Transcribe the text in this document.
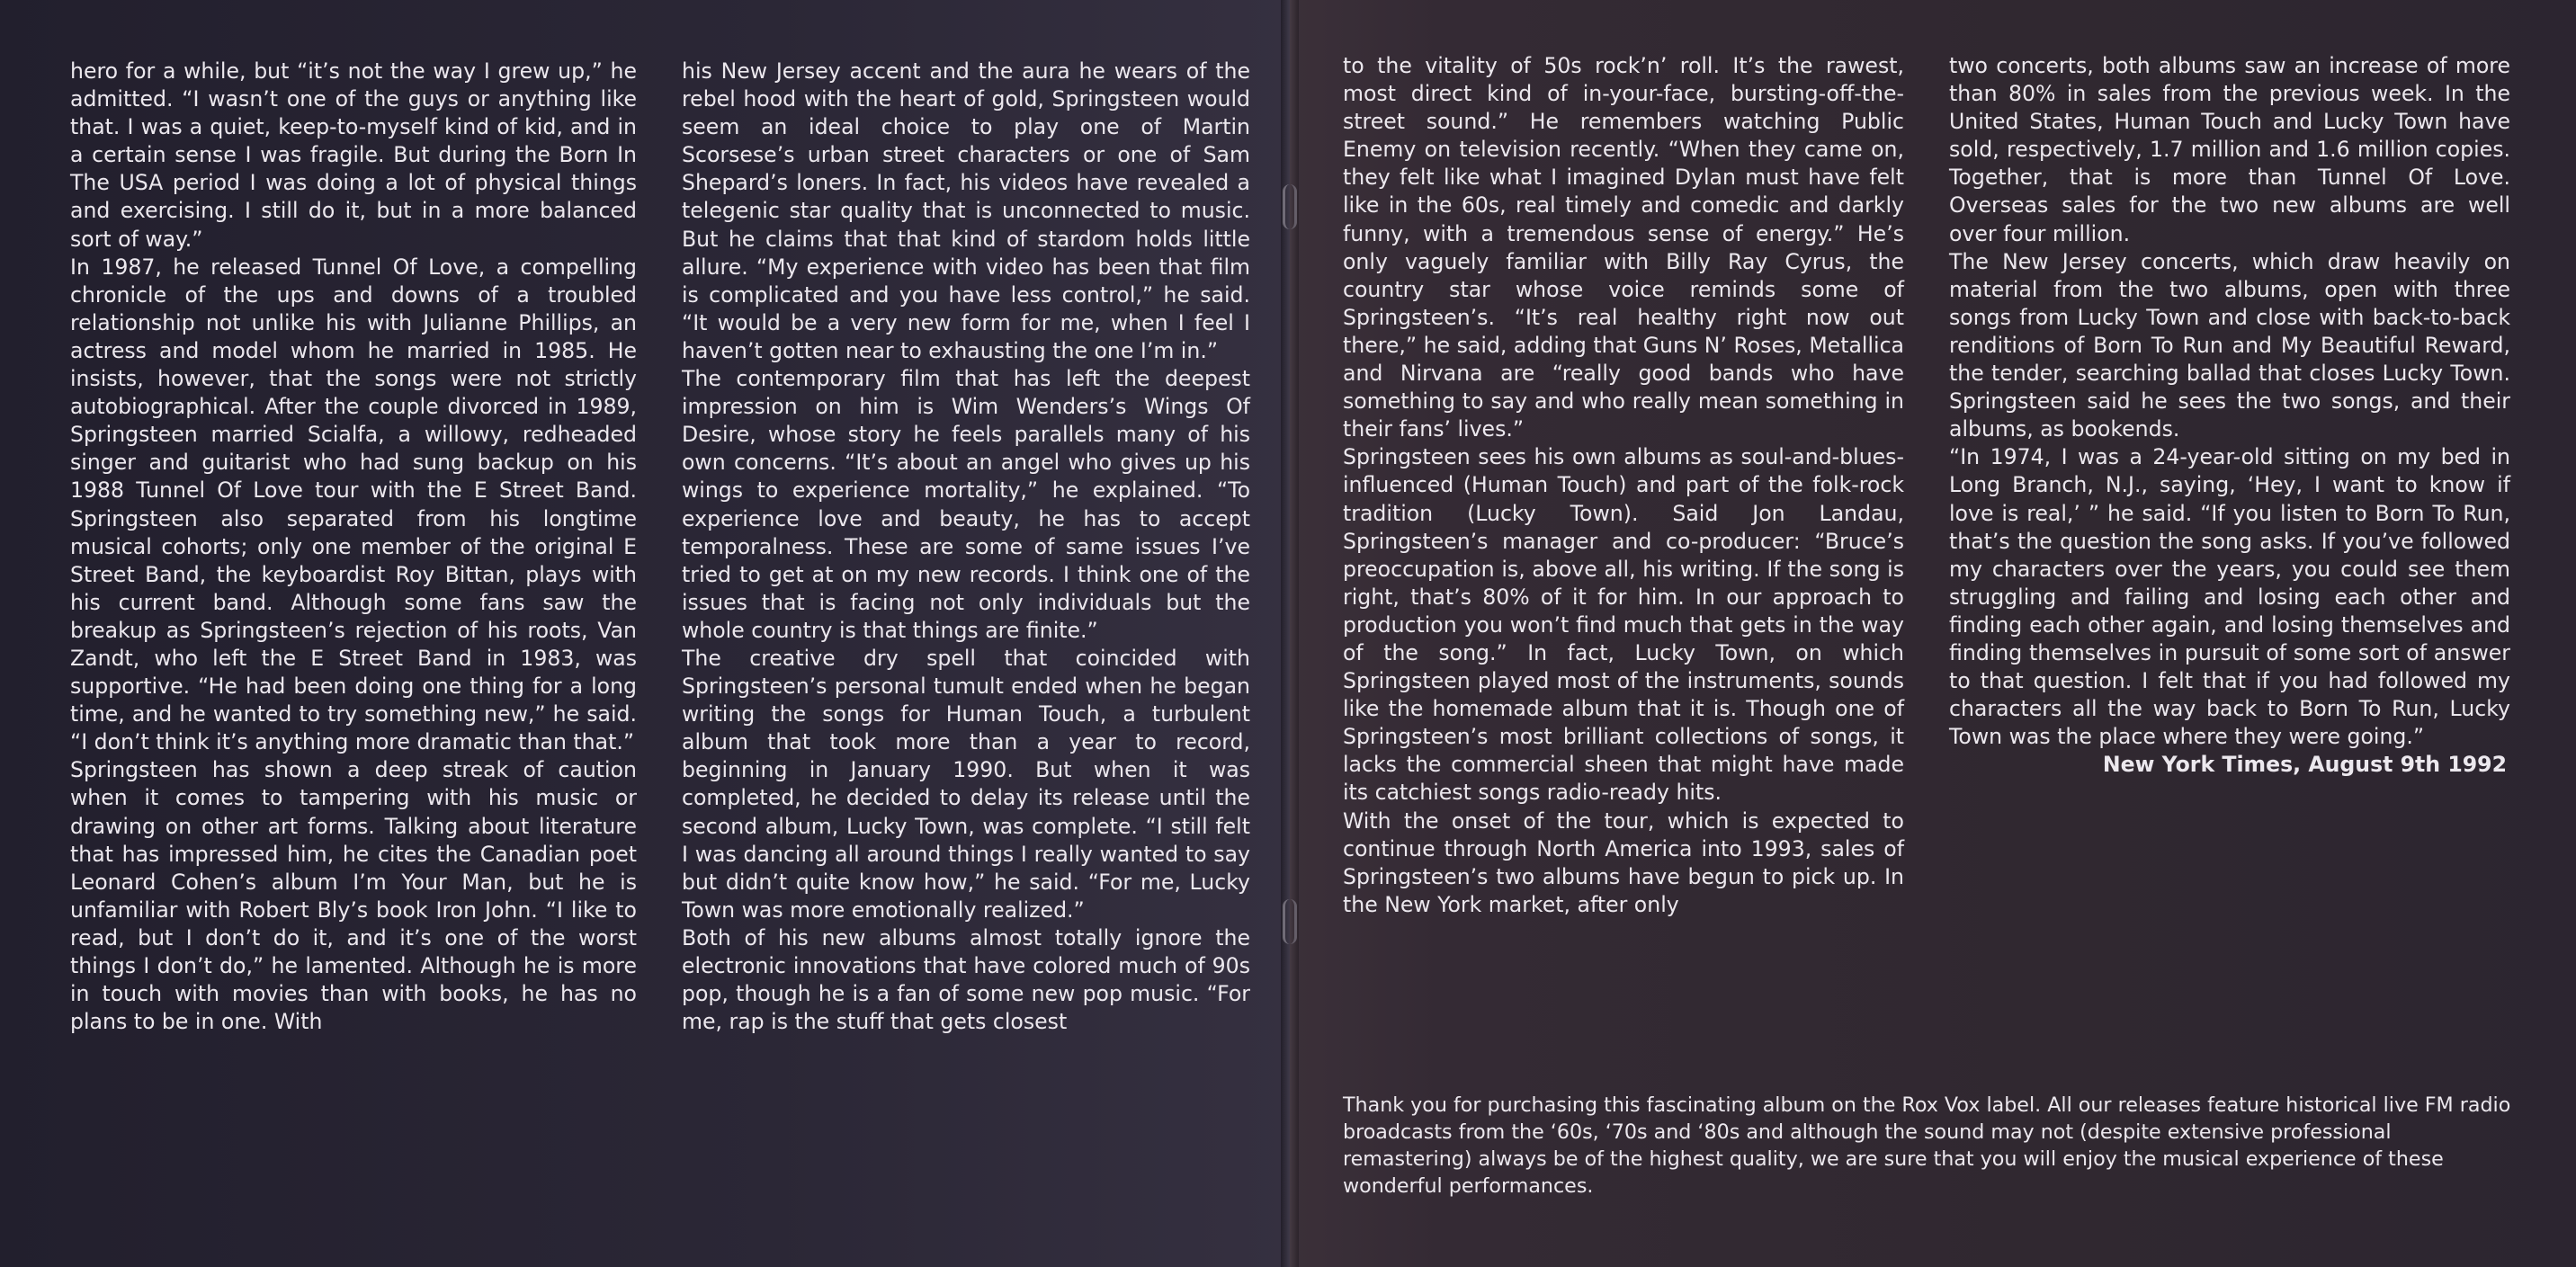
hero for a while, but “it’s not the way I grew up,” he admitted. “I wasn’t one of the guys or anything like that. I was a quiet, keep-to-myself kind of kid, and in a certain sense I was fragile. But during the Born In The USA period I was doing a lot of physical things and exercising. I still do it, but in a more balanced sort of way.”

In 1987, he released Tunnel Of Love, a compelling chronicle of the ups and downs of a troubled relationship not unlike his with Julianne Phillips, an actress and model whom he married in 1985. He insists, however, that the songs were not strictly autobiographical. After the couple divorced in 1989, Springsteen married Scialfa, a willowy, redheaded singer and guitarist who had sung backup on his 1988 Tunnel Of Love tour with the E Street Band. Springsteen also separated from his longtime musical cohorts; only one member of the original E Street Band, the keyboardist Roy Bittan, plays with his current band. Although some fans saw the breakup as Springsteen’s rejection of his roots, Van Zandt, who left the E Street Band in 1983, was supportive. “He had been doing one thing for a long time, and he wanted to try something new,” he said. “I don’t think it’s anything more dramatic than that.”

Springsteen has shown a deep streak of caution when it comes to tampering with his music or drawing on other art forms. Talking about literature that has impressed him, he cites the Canadian poet Leonard Cohen’s album I’m Your Man, but he is unfamiliar with Robert Bly’s book Iron John. “I like to read, but I don’t do it, and it’s one of the worst things I don’t do,” he lamented. Although he is more in touch with movies than with books, he has no plans to be in one. With

his New Jersey accent and the aura he wears of the rebel hood with the heart of gold, Springsteen would seem an ideal choice to play one of Martin Scorsese’s urban street characters or one of Sam Shepard’s loners. In fact, his videos have revealed a telegenic star quality that is unconnected to music. But he claims that that kind of stardom holds little allure. “My experience with video has been that film is complicated and you have less control,” he said. “It would be a very new form for me, when I feel I haven’t gotten near to exhausting the one I’m in.”

The contemporary film that has left the deepest impression on him is Wim Wenders’s Wings Of Desire, whose story he feels parallels many of his own concerns. “It’s about an angel who gives up his wings to experience mortality,” he explained. “To experience love and beauty, he has to accept temporalness. These are some of same issues I’ve tried to get at on my new records. I think one of the issues that is facing not only individuals but the whole country is that things are finite.”

The creative dry spell that coincided with Springsteen’s personal tumult ended when he began writing the songs for Human Touch, a turbulent album that took more than a year to record, beginning in January 1990. But when it was completed, he decided to delay its release until the second album, Lucky Town, was complete. “I still felt I was dancing all around things I really wanted to say but didn’t quite know how,” he said. “For me, Lucky Town was more emotionally realized.”

Both of his new albums almost totally ignore the electronic innovations that have colored much of 90s pop, though he is a fan of some new pop music. “For me, rap is the stuff that gets closest

to the vitality of 50s rock’n’ roll. It’s the rawest, most direct kind of in-your-face, bursting-off-the-street sound.” He remembers watching Public Enemy on television recently. “When they came on, they felt like what I imagined Dylan must have felt like in the 60s, real timely and comedic and darkly funny, with a tremendous sense of energy.” He’s only vaguely familiar with Billy Ray Cyrus, the country star whose voice reminds some of Springsteen’s. “It’s real healthy right now out there,” he said, adding that Guns N’ Roses, Metallica and Nirvana are “really good bands who have something to say and who really mean something in their fans’ lives.”

Springsteen sees his own albums as soul-and-blues-influenced (Human Touch) and part of the folk-rock tradition (Lucky Town). Said Jon Landau, Springsteen’s manager and co-producer: “Bruce’s preoccupation is, above all, his writing. If the song is right, that’s 80% of it for him. In our approach to production you won’t find much that gets in the way of the song.” In fact, Lucky Town, on which Springsteen played most of the instruments, sounds like the homemade album that it is. Though one of Springsteen’s most brilliant collections of songs, it lacks the commercial sheen that might have made its catchiest songs radio-ready hits.

With the onset of the tour, which is expected to continue through North America into 1993, sales of Springsteen’s two albums have begun to pick up. In the New York market, after only

two concerts, both albums saw an increase of more than 80% in sales from the previous week. In the United States, Human Touch and Lucky Town have sold, respectively, 1.7 million and 1.6 million copies. Together, that is more than Tunnel Of Love. Overseas sales for the two new albums are well over four million.

The New Jersey concerts, which draw heavily on material from the two albums, open with three songs from Lucky Town and close with back-to-back renditions of Born To Run and My Beautiful Reward, the tender, searching ballad that closes Lucky Town. Springsteen said he sees the two songs, and their albums, as bookends.

“In 1974, I was a 24-year-old sitting on my bed in Long Branch, N.J., saying, ‘Hey, I want to know if love is real,’ ” he said. “If you listen to Born To Run, that’s the question the song asks. If you’ve followed my characters over the years, you could see them struggling and failing and losing each other and finding each other again, and losing themselves and finding themselves in pursuit of some sort of answer to that question. I felt that if you had followed my characters all the way back to Born To Run, Lucky Town was the place where they were going.”

New York Times, August 9th 1992

Thank you for purchasing this fascinating album on the Rox Vox label. All our releases feature historical live FM radio broadcasts from the ‘60s, ‘70s and ‘80s and although the sound may not (despite extensive professional remastering) always be of the highest quality, we are sure that you will enjoy the musical experience of these wonderful performances.
